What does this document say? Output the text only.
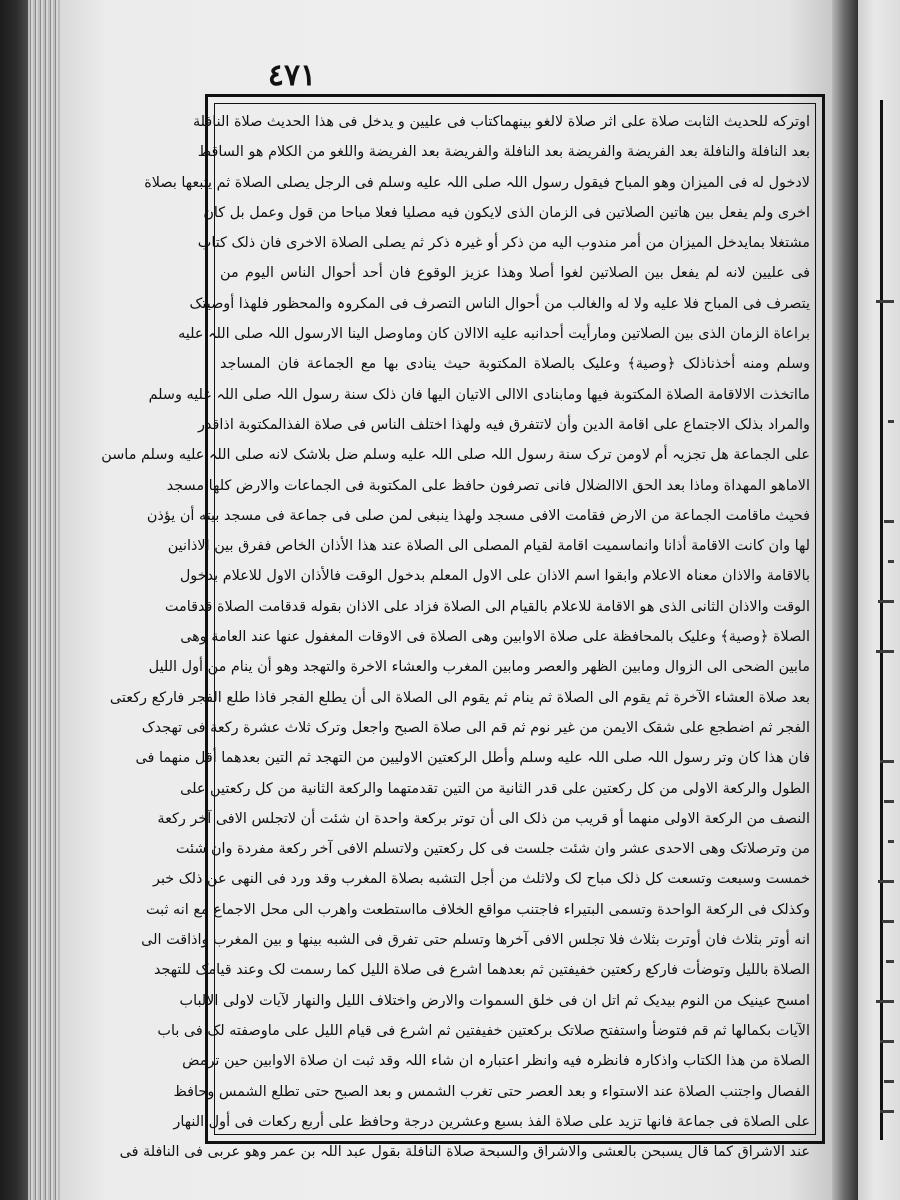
٤٧١
اوترکه للحدیث الثابت صلاة علی اثر صلاة لالغو بینهماکتاب فی علیین و یدخل فی ھذا الحدیث صلاة النافلة
بعد النافلة والنافلة بعد الفریضة والفریضة بعد النافلة والفریضة بعد الفریضة واللغو من الکلام ھو الساقط
لادخول له فی المیزان وھو المباح فیقول رسول اللہ صلی اللہ علیه وسلم فی الرجل یصلی الصلاة ثم یتبعھا بصلاة
اخری ولم یفعل بین ھاتین الصلاتین فی الزمان الذی لایکون فیه مصلیا فعلا مباحا من قول وعمل بل کان
مشتغلا بمایدخل المیزان من أمر مندوب الیه من ذکر أو غیرہ ذکر ثم یصلی الصلاة الاخری فان ذلک کتاب
فی علیین لانه لم یفعل بین الصلاتین لغوا أصلا وھذا عزیز الوقوع فان أحد أحوال الناس الیوم من
یتصرف فی المباح فلا علیه ولا له والغالب من أحوال الناس التصرف فی المکروہ والمحظور فلھذا أوصیتک
براعاة الزمان الذی بین الصلاتین ومارأیت أحدانبه علیه الاالان کان وماوصل الینا الارسول اللہ صلی اللہ علیه
وسلم ومنه أخذناذلک ﴿وصیة﴾ وعلیک بالصلاة المکتوبة حیث ینادی بھا مع الجماعة فان المساجد
مااتخذت الالاقامة الصلاة المکتوبة فیھا ومابنادی الاالی الاتیان الیھا فان ذلک سنة رسول اللہ صلی اللہ علیه وسلم
والمراد بذلک الاجتماع علی اقامة الدین وأن لاتتفرق فیه ولھذا اختلف الناس فی صلاة الفذالمکتوبة اذاقدر
علی الجماعة ھل تجزیہ أم لاومن ترک سنة رسول اللہ صلی اللہ علیه وسلم ضل بلاشک لانه صلی اللہ علیه وسلم ماسن
الاماھو المھداة وماذا بعد الحق الاالضلال فانی تصرفون حافظ علی المکتوبة فی الجماعات والارض کلھا مسجد
فحیث ماقامت الجماعة من الارض فقامت الافی مسجد ولھذا ینبغی لمن صلی فی جماعة فی مسجد بیته أن یؤذن
لھا وان کانت الاقامة أذانا وانماسمیت اقامة لقیام المصلی الی الصلاة عند ھذا الأذان الخاص ففرق بین الاذانین
بالاقامة والاذان معناہ الاعلام وابقوا اسم الاذان علی الاول المعلم بدخول الوقت فالأذان الاول للاعلام بدخول
الوقت والاذان الثانی الذی ھو الاقامة للاعلام بالقیام الی الصلاة فزاد علی الاذان بقوله قدقامت الصلاة قدقامت
الصلاة ﴿وصیة﴾ وعلیک بالمحافظة علی صلاة الاوابین وھی الصلاة فی الاوقات المغفول عنھا عند العامة وھی
مابین الضحی الی الزوال ومابین الظھر والعصر ومابین المغرب والعشاء الاخرة والتھجد وھو أن ینام من أول اللیل
بعد صلاة العشاء الآخرة ثم یقوم الی الصلاة ثم ینام ثم یقوم الی الصلاة الی أن یطلع الفجر فاذا طلع الفجر فارکع رکعتی
الفجر ثم اضطجع علی شقک الایمن من غیر نوم ثم قم الی صلاة الصبح واجعل وترک ثلاث عشرة رکعة فی تھجدک
فان ھذا کان وتر رسول اللہ صلی اللہ علیه وسلم وأطل الرکعتین الاولیین من التھجد ثم التین بعدھما أقل منھما فی
الطول والرکعة الاولی من کل رکعتین علی قدر الثانیة من التین تقدمتھما والرکعة الثانیة من کل رکعتین علی
النصف من الرکعة الاولی منھما أو قریب من ذلک الی أن توتر برکعة واحدة ان شئت أن لاتجلس الافی آخر رکعة
من وترصلاتک وھی الاحدی عشر وان شئت جلست فی کل رکعتین ولاتسلم الافی آخر رکعة مفردة وان شئت
خمست وسبعت وتسعت کل ذلک مباح لک ولاثلث من أجل التشبه بصلاة المغرب وقد ورد فی النھی عن ذلک خبر
وکذلک فی الرکعة الواحدة وتسمی البتیراء فاجتنب مواقع الخلاف مااستطعت واھرب الی محل الاجماع مع انه ثبت
انه أوتر بثلاث فان أوترت بثلاث فلا تجلس الافی آخرھا وتسلم حتی تفرق فی الشبه بینھا و بین المغرب واذاقت الی
الصلاة باللیل وتوضأت فارکع رکعتین خفیفتین ثم بعدھما اشرع فی صلاة اللیل کما رسمت لک وعند قیامک للتھجد
امسح عینیک من النوم بیدیک ثم اتل ان فی خلق السموات والارض واختلاف اللیل والنھار لآیات لاولی الالباب
الآیات بکمالھا ثم قم فتوضأ واستفتح صلاتک برکعتین خفیفتین ثم اشرع فی قیام اللیل علی ماوصفته لک فی باب
الصلاة من ھذا الکتاب واذکارہ فانظرہ فیه وانظر اعتبارہ ان شاء اللہ وقد ثبت ان صلاة الاوابین حین ترمض
الفصال واجتنب الصلاة عند الاستواء و بعد العصر حتی تغرب الشمس و بعد الصبح حتی تطلع الشمس وحافظ
علی الصلاة فی جماعة فانھا تزید علی صلاة الفذ بسبع وعشرین درجة وحافظ علی أربع رکعات فی أول النھار
عند الاشراق کما قال یسبحن بالعشی والاشراق والسبحة صلاة النافلة بقول عبد اللہ بن عمر وھو عربی فی النافلة فی
